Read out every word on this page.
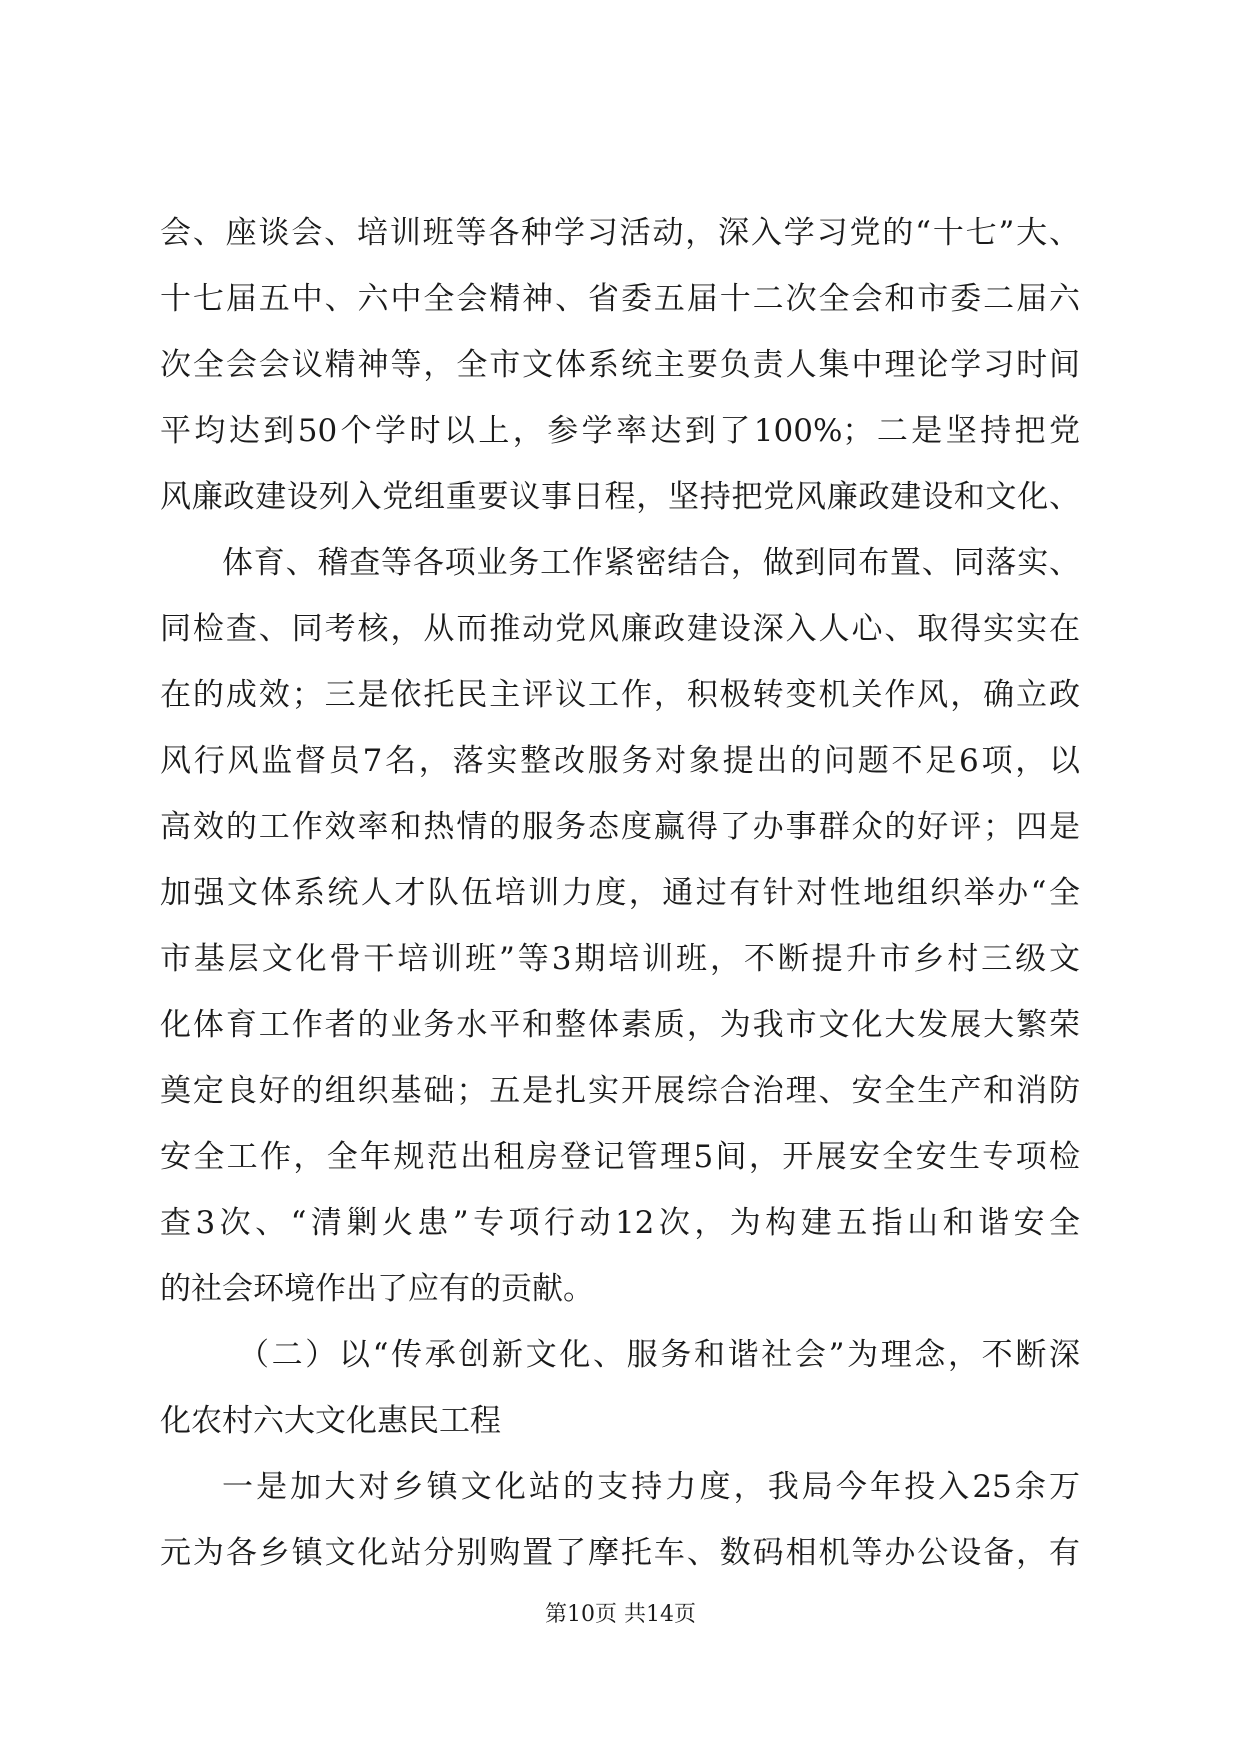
会、座谈会、培训班等各种学习活动，深入学习党的“十七”大、
十七届五中、六中全会精神、省委五届十二次全会和市委二届六
次全会会议精神等，全市文体系统主要负责人集中理论学习时间
平均达到50个学时以上，参学率达到了100%；二是坚持把党
风廉政建设列入党组重要议事日程，坚持把党风廉政建设和文化、
体育、稽查等各项业务工作紧密结合，做到同布置、同落实、
同检查、同考核，从而推动党风廉政建设深入人心、取得实实在
在的成效；三是依托民主评议工作，积极转变机关作风，确立政
风行风监督员7名，落实整改服务对象提出的问题不足6项，以
高效的工作效率和热情的服务态度赢得了办事群众的好评；四是
加强文体系统人才队伍培训力度，通过有针对性地组织举办“全
市基层文化骨干培训班”等3期培训班，不断提升市乡村三级文
化体育工作者的业务水平和整体素质，为我市文化大发展大繁荣
奠定良好的组织基础；五是扎实开展综合治理、安全生产和消防
安全工作，全年规范出租房登记管理5间，开展安全安生专项检
查3次、“清剿火患”专项行动12次，为构建五指山和谐安全
的社会环境作出了应有的贡献。
（二）以“传承创新文化、服务和谐社会”为理念，不断深
化农村六大文化惠民工程
一是加大对乡镇文化站的支持力度，我局今年投入25余万
元为各乡镇文化站分别购置了摩托车、数码相机等办公设备，有
第10页 共14页
